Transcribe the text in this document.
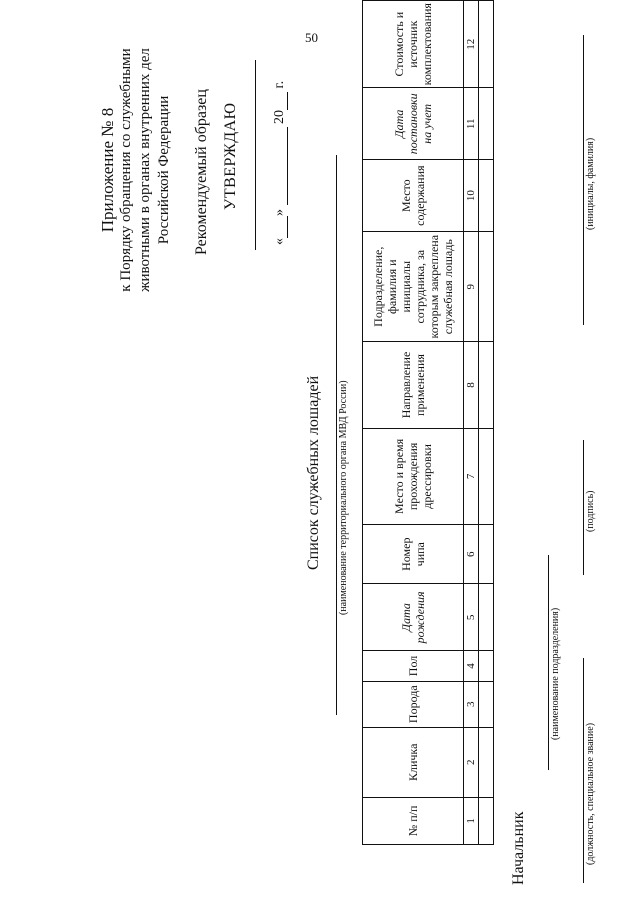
50
Приложение № 8 к Порядку обращения со служебными животными в органах внутренних дел Российской Федерации Рекомендуемый образец УТВЕРЖДАЮ
«»  20 г.
Список служебных лошадей (наименование территориального органа МВД России)
№ п/п	Кличка	Порода	Пол	Дата рождения	Номер чипа	Место и время прохождения дрессировки	Направление применения	Подразделение, фамилия и инициалы сотрудника, за которым закреплена служебная лошадь	Место содержания	Дата постановки на учет	Стоимость и источник комплектования
1	2	3	4	5	6	7	8	9	10	11	12

Начальник
(наименование подразделения)
(должность, специальное звание)
(подпись)
(инициалы, фамилия)
